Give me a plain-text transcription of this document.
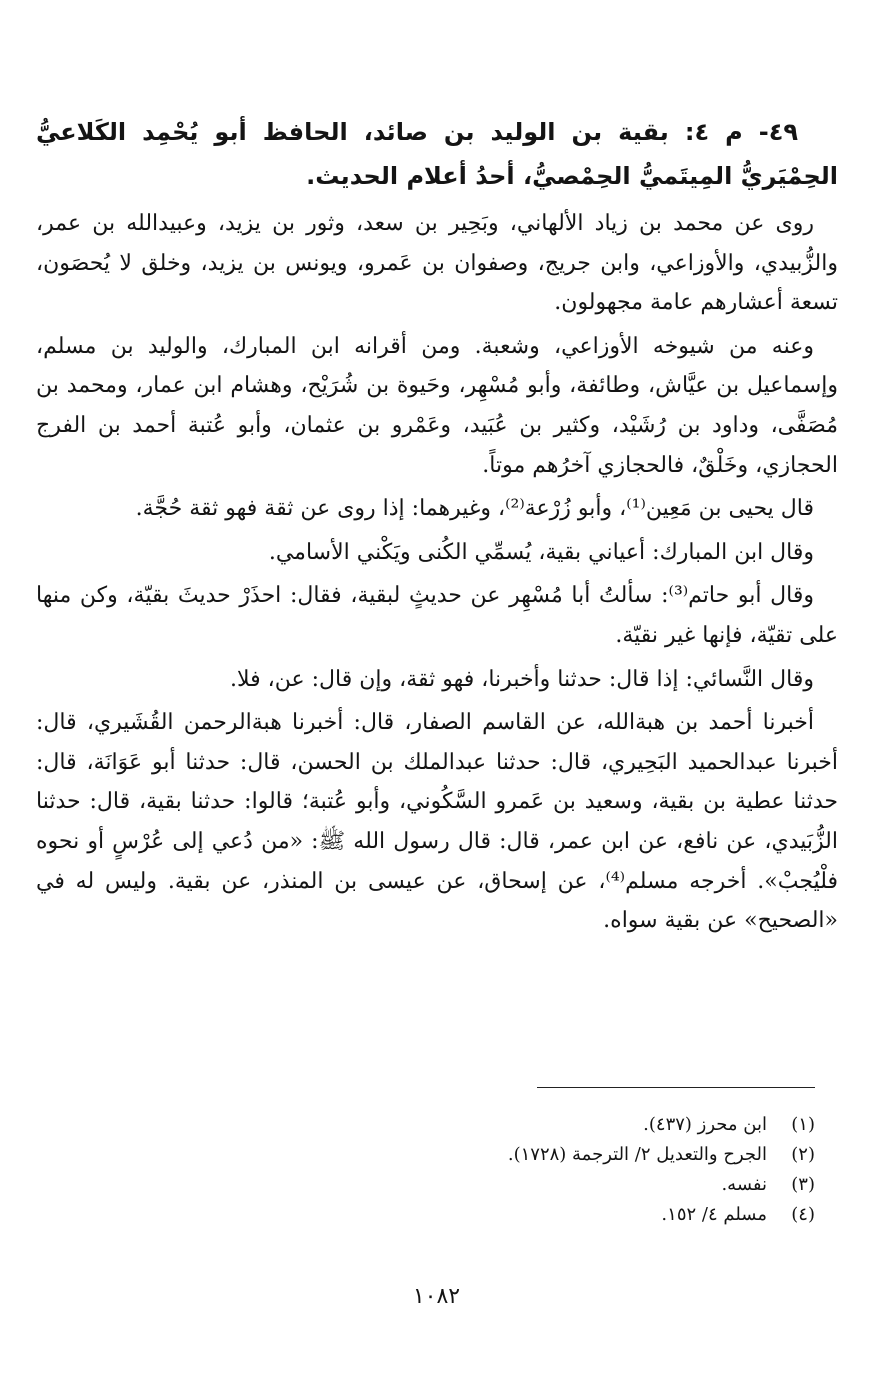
٤٩- م ٤: بقية بن الوليد بن صائد، الحافظ أبو يُحْمِد الكَلاعيُّ الحِمْيَريُّ المِيتَميُّ الحِمْصيُّ، أحدُ أعلام الحديث.

روى عن محمد بن زياد الألهاني، وبَحِير بن سعد، وثور بن يزيد، وعبيدالله بن عمر، والزُّبيدي، والأوزاعي، وابن جريج، وصفوان بن عَمرو، ويونس بن يزيد، وخلق لا يُحصَون، تسعة أعشارهم عامة مجهولون.

وعنه من شيوخه الأوزاعي، وشعبة. ومن أقرانه ابن المبارك، والوليد بن مسلم، وإسماعيل بن عيَّاش، وطائفة، وأبو مُسْهِر، وحَيوة بن شُرَيْح، وهشام ابن عمار، ومحمد بن مُصَفَّى، وداود بن رُشَيْد، وكثير بن عُبَيد، وعَمْرو بن عثمان، وأبو عُتبة أحمد بن الفرج الحجازي، وخَلْقٌ، فالحجازي آخرُهم موتاً.

قال يحيى بن مَعِين⁽¹⁾، وأبو زُرْعة⁽²⁾، وغيرهما: إذا روى عن ثقة فهو ثقة حُجَّة.

وقال ابن المبارك: أعياني بقية، يُسمِّي الكُنى ويَكْني الأسامي.

وقال أبو حاتم⁽³⁾: سألتُ أبا مُسْهِر عن حديثٍ لبقية، فقال: احذَرْ حديثَ بقيّة، وكن منها على تقيّة، فإنها غير نقيّة.

وقال النَّسائي: إذا قال: حدثنا وأخبرنا، فهو ثقة، وإن قال: عن، فلا.

أخبرنا أحمد بن هبةالله، عن القاسم الصفار، قال: أخبرنا هبةالرحمن القُشَيري، قال: أخبرنا عبدالحميد البَحِيري، قال: حدثنا عبدالملك بن الحسن، قال: حدثنا أبو عَوَانَة، قال: حدثنا عطية بن بقية، وسعيد بن عَمرو السَّكُوني، وأبو عُتبة؛ قالوا: حدثنا بقية، قال: حدثنا الزُّبَيدي، عن نافع، عن ابن عمر، قال: قال رسول الله ﷺ: «من دُعي إلى عُرْسٍ أو نحوه فلْيُجبْ». أخرجه مسلم⁽⁴⁾، عن إسحاق، عن عيسى بن المنذر، عن بقية. وليس له في «الصحيح» عن بقية سواه.

(١)
ابن محرز (٤٣٧).
(٢)
الجرح والتعديل ٢/ الترجمة (١٧٢٨).
(٣)
نفسه.
(٤)
مسلم ٤/ ١٥٢.
١٠٨٢
